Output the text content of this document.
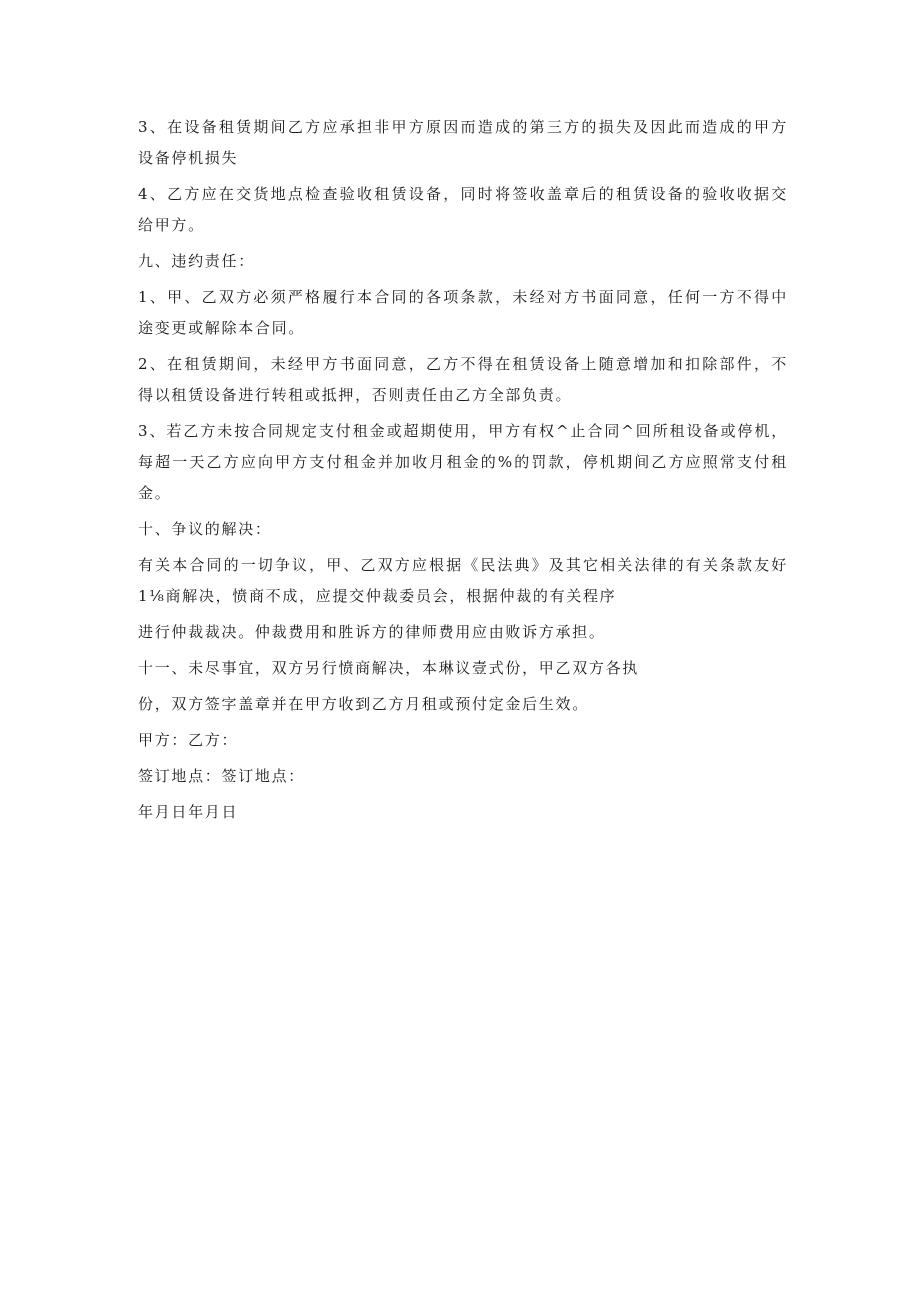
3、在设备租赁期间乙方应承担非甲方原因而造成的第三方的损失及因此而造成的甲方
设备停机损失

4、乙方应在交货地点检查验收租赁设备，同时将签收盖章后的租赁设备的验收收据交
给甲方。

九、违约责任：

1、甲、乙双方必须严格履行本合同的各项条款，未经对方书面同意，任何一方不得中
途变更或解除本合同。

2、在租赁期间，未经甲方书面同意，乙方不得在租赁设备上随意增加和扣除部件，不
得以租赁设备进行转租或抵押，否则责任由乙方全部负责。

3、若乙方未按合同规定支付租金或超期使用，甲方有权^止合同^回所租设备或停机，
每超一天乙方应向甲方支付租金并加收月租金的%的罚款，停机期间乙方应照常支付租
金。

十、争议的解决：

有关本合同的一切争议，甲、乙双方应根据《民法典》及其它相关法律的有关条款友好
1⅛商解决，愤商不成，应提交仲裁委员会，根据仲裁的有关程序

进行仲裁裁决。仲裁费用和胜诉方的律师费用应由败诉方承担。

十一、未尽事宜，双方另行愤商解决，本琳议壹式份，甲乙双方各执

份，双方签字盖章并在甲方收到乙方月租或预付定金后生效。

甲方：乙方：

签订地点：签订地点：

年月日年月日
